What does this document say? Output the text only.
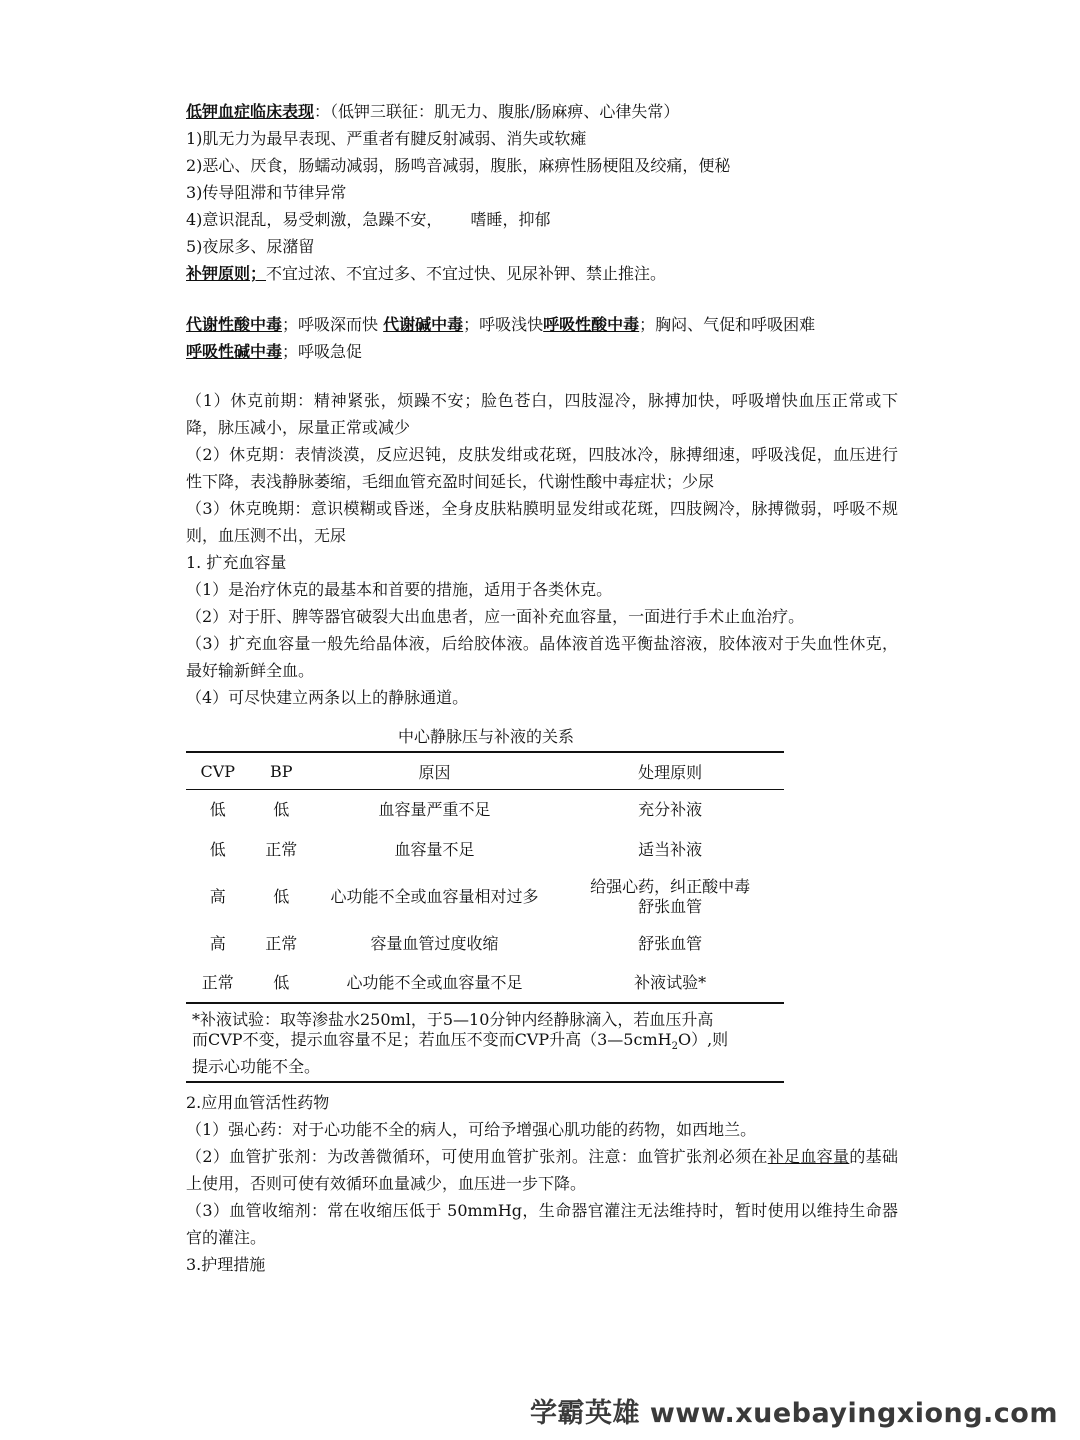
低钾血症临床表现：（低钾三联征：肌无力、腹胀/肠麻痹、心律失常）
1)肌无力为最早表现、严重者有腱反射减弱、消失或软瘫
2)恶心、厌食，肠蠕动减弱，肠鸣音减弱，腹胀，麻痹性肠梗阻及绞痛，便秘
3)传导阻滞和节律异常
4)意识混乱，易受刺激，急躁不安， 嗜睡，抑郁
5)夜尿多、尿潴留
补钾原则；不宜过浓、不宜过多、不宜过快、见尿补钾、禁止推注。
代谢性酸中毒；呼吸深而快 代谢碱中毒；呼吸浅快呼吸性酸中毒；胸闷、气促和呼吸困难
呼吸性碱中毒；呼吸急促
（1）休克前期：精神紧张，烦躁不安；脸色苍白，四肢湿冷，脉搏加快，呼吸增快血压正常或下降，脉压减小，尿量正常或减少
（2）休克期：表情淡漠，反应迟钝，皮肤发绀或花斑，四肢冰冷，脉搏细速，呼吸浅促，血压进行性下降，表浅静脉萎缩，毛细血管充盈时间延长，代谢性酸中毒症状；少尿
（3）休克晚期：意识模糊或昏迷，全身皮肤粘膜明显发绀或花斑，四肢阙冷，脉搏微弱，呼吸不规则，血压测不出，无尿
1. 扩充血容量
（1）是治疗休克的最基本和首要的措施，适用于各类休克。
（2）对于肝、脾等器官破裂大出血患者，应一面补充血容量，一面进行手术止血治疗。
（3）扩充血容量一般先给晶体液，后给胶体液。晶体液首选平衡盐溶液，胶体液对于失血性休克，最好输新鲜全血。
（4）可尽快建立两条以上的静脉通道。
中心静脉压与补液的关系
CVP	BP	原因	处理原则
低	低	血容量严重不足	充分补液
低	正常	血容量不足	适当补液
高	低	心功能不全或血容量相对过多	给强心药，纠正酸中毒
舒张血管

高	正常	容量血管过度收缩	舒张血管
正常	低	心功能不全或血容量不足	补液试验*
*补液试验：取等渗盐水250ml，于5—10分钟内经静脉滴入，若血压升高
而CVP不变，提示血容量不足；若血压不变而CVP升高（3—5cmH$_2$O）,则
提示心功能不全。
2.应用血管活性药物
（1）强心药：对于心功能不全的病人，可给予增强心肌功能的药物，如西地兰。
（2）血管扩张剂：为改善微循环，可使用血管扩张剂。注意：血管扩张剂必须在补足血容量的基础上使用，否则可使有效循环血量减少，血压进一步下降。
（3）血管收缩剂：常在收缩压低于 50mmHg，生命器官灌注无法维持时，暂时使用以维持生命器官的灌注。
3.护理措施
学霸英雄 www.xuebayingxiong.com
